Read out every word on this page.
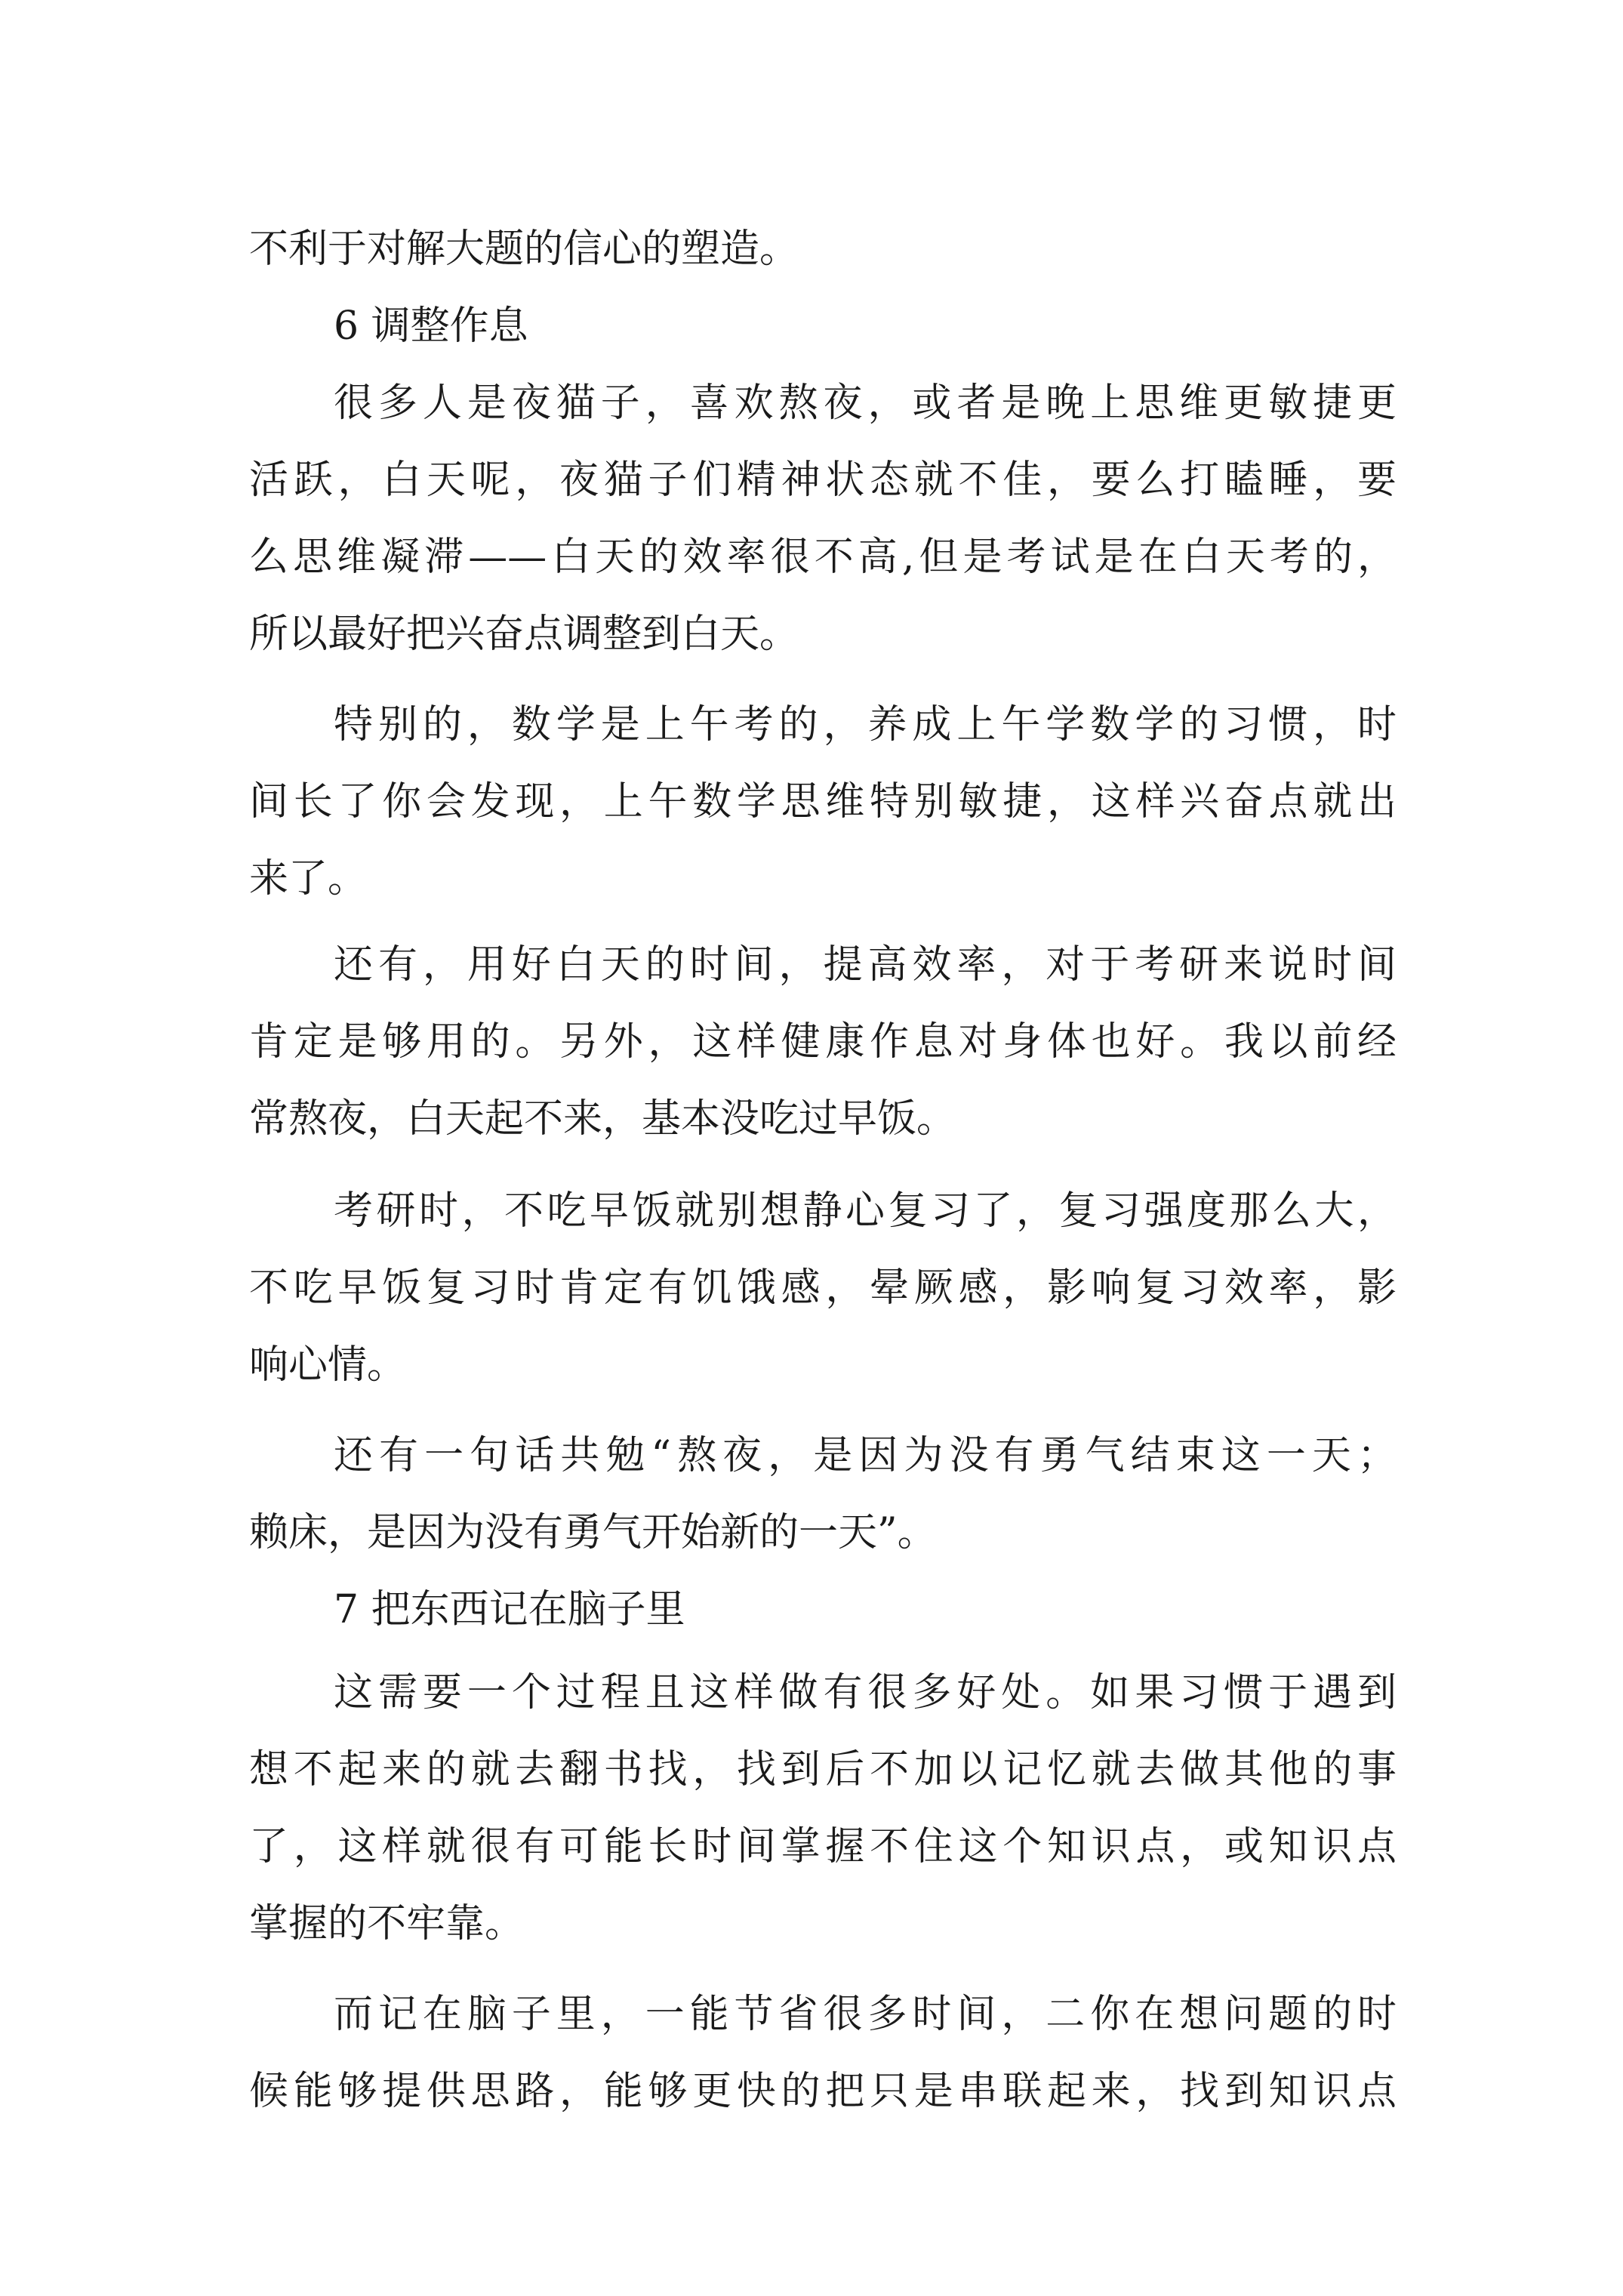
不利于对解大题的信心的塑造。
6 调整作息
很多人是夜猫子，喜欢熬夜，或者是晚上思维更敏捷更
活跃，白天呢，夜猫子们精神状态就不佳，要么打瞌睡，要
么思维凝滞——白天的效率很不高,但是考试是在白天考的，
所以最好把兴奋点调整到白天。
特别的，数学是上午考的，养成上午学数学的习惯，时
间长了你会发现，上午数学思维特别敏捷，这样兴奋点就出
来了。
还有，用好白天的时间，提高效率，对于考研来说时间
肯定是够用的。另外，这样健康作息对身体也好。我以前经
常熬夜，白天起不来，基本没吃过早饭。
考研时，不吃早饭就别想静心复习了，复习强度那么大，
不吃早饭复习时肯定有饥饿感，晕厥感，影响复习效率，影
响心情。
还有一句话共勉“熬夜，是因为没有勇气结束这一天；
赖床，是因为没有勇气开始新的一天”。
7 把东西记在脑子里
这需要一个过程且这样做有很多好处。如果习惯于遇到
想不起来的就去翻书找，找到后不加以记忆就去做其他的事
了，这样就很有可能长时间掌握不住这个知识点，或知识点
掌握的不牢靠。
而记在脑子里，一能节省很多时间，二你在想问题的时
候能够提供思路，能够更快的把只是串联起来，找到知识点
